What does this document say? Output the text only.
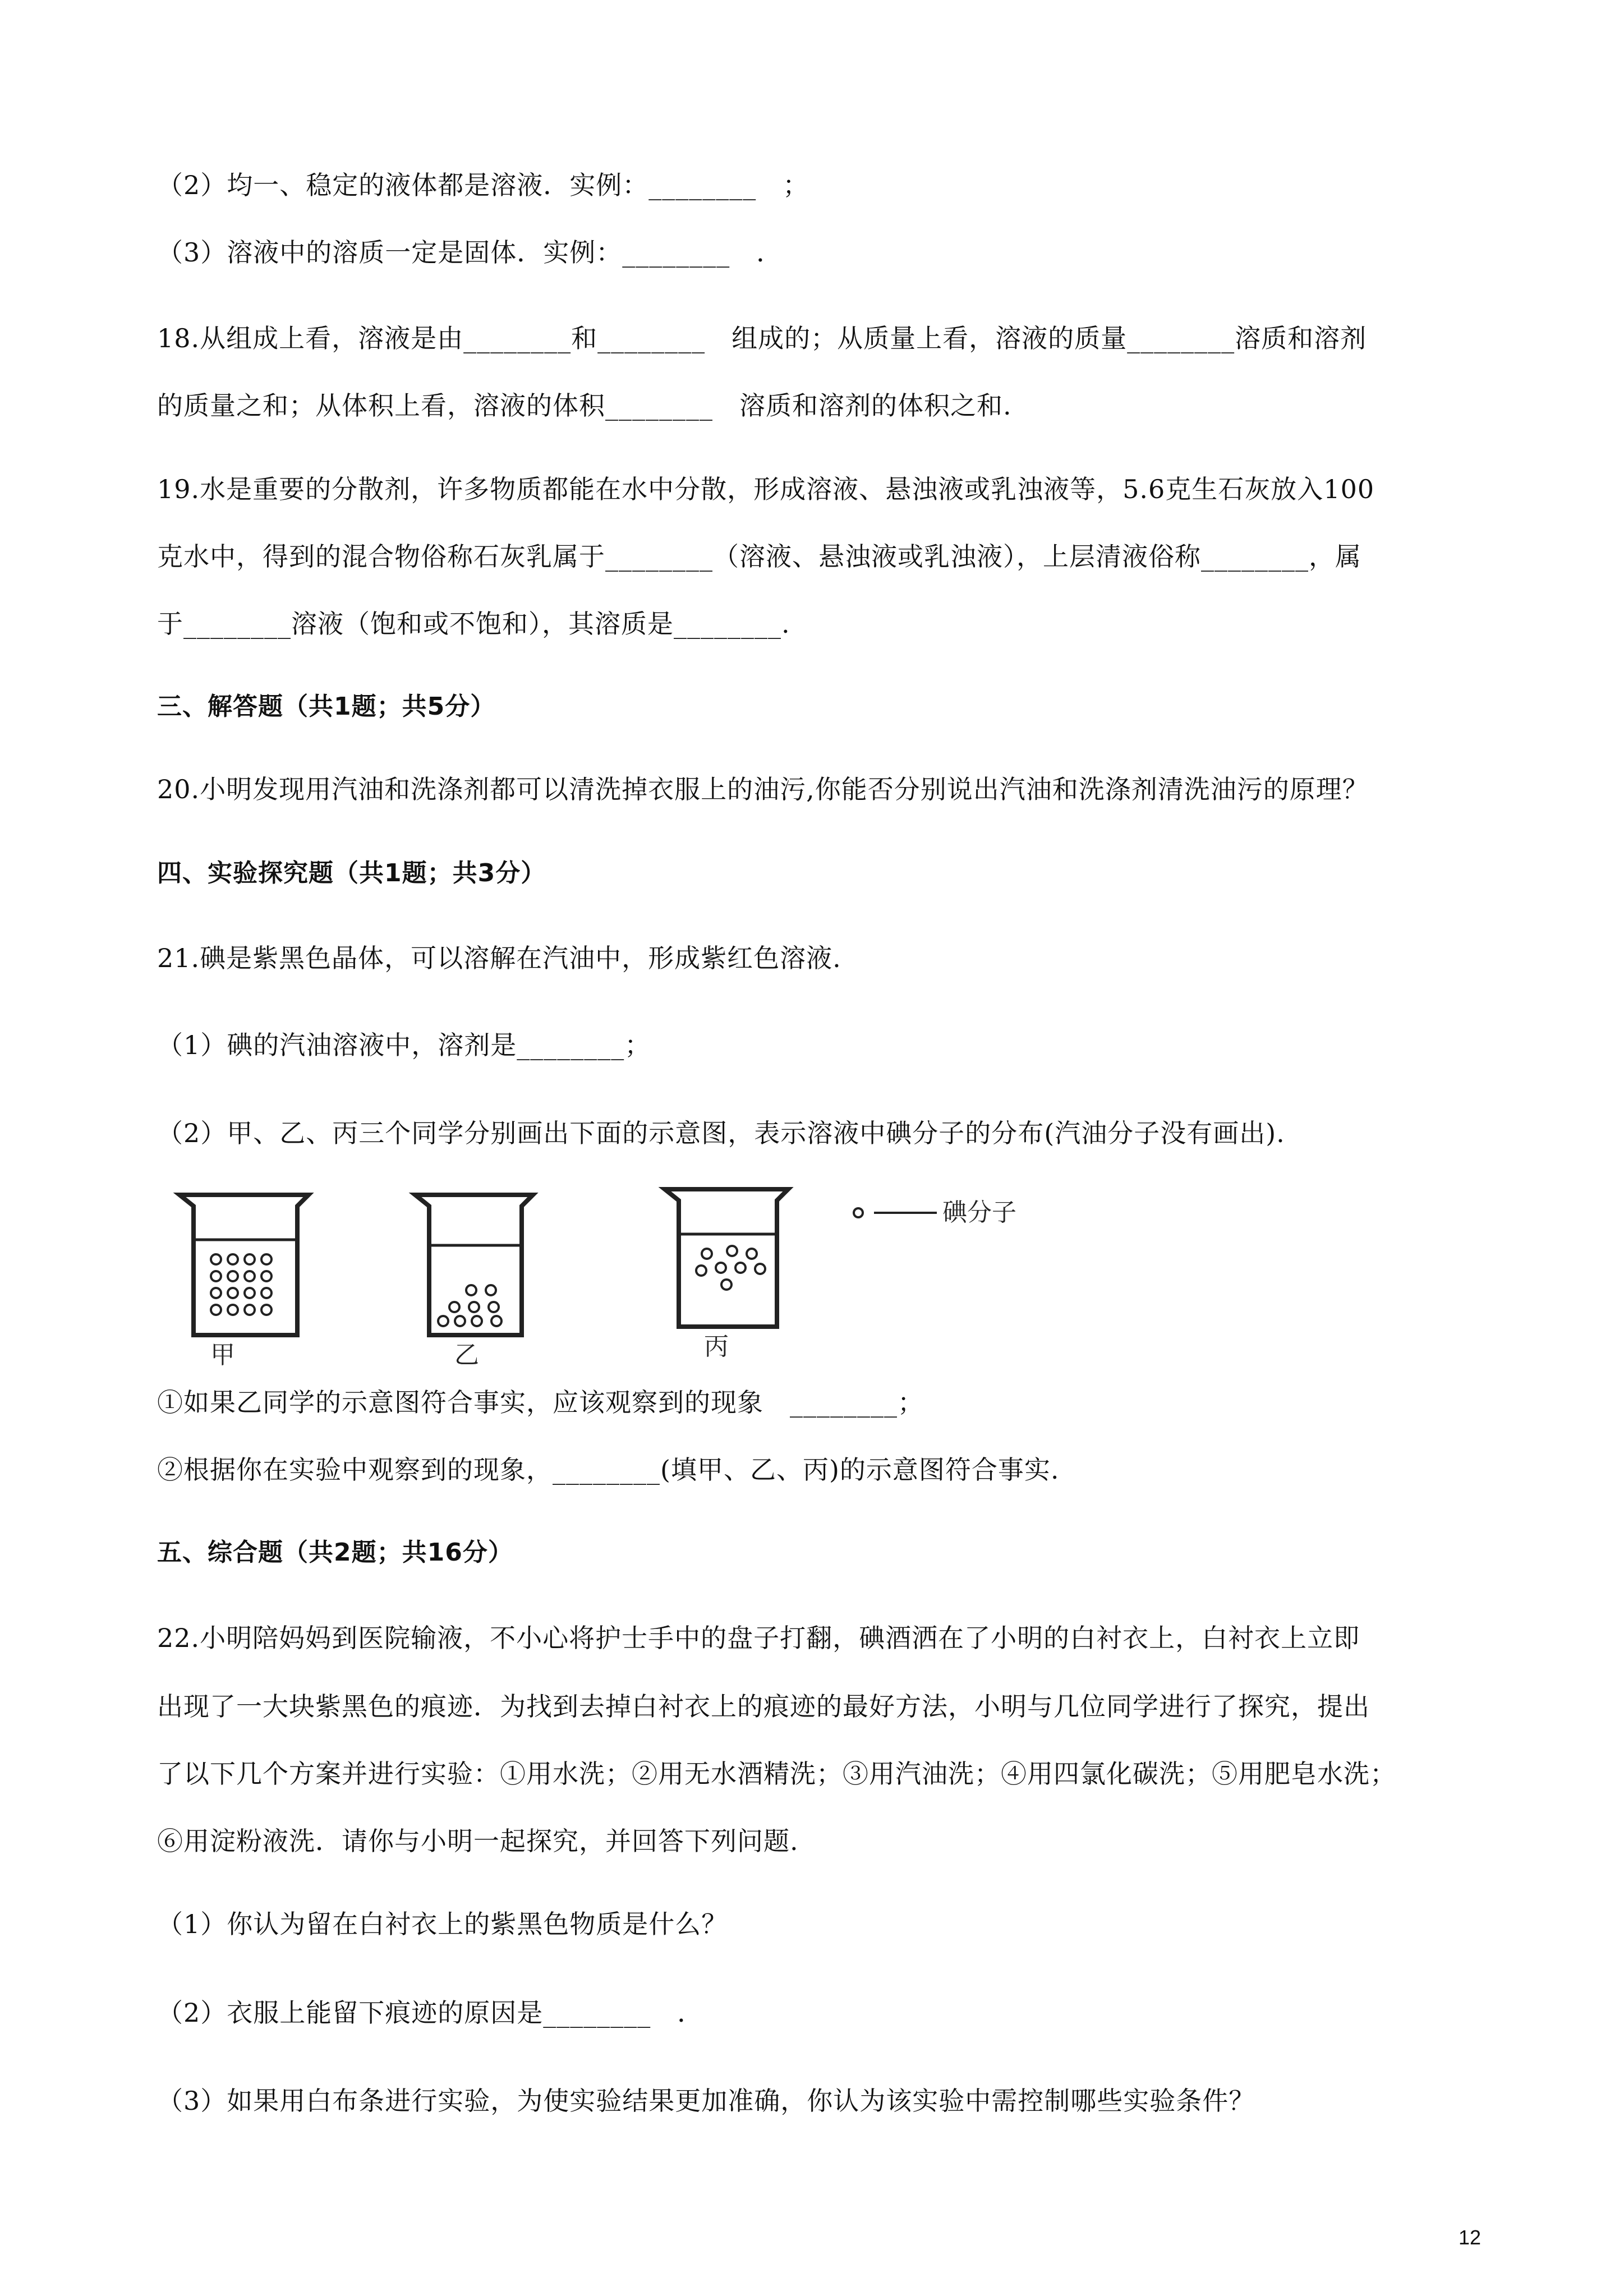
（2）均一、稳定的液体都是溶液．实例：________　；
（3）溶液中的溶质一定是固体．实例：________　．
18.从组成上看，溶液是由________和________　组成的；从质量上看，溶液的质量________溶质和溶剂
的质量之和；从体积上看，溶液的体积________　溶质和溶剂的体积之和.
19.水是重要的分散剂，许多物质都能在水中分散，形成溶液、悬浊液或乳浊液等，5.6克生石灰放入100
克水中，得到的混合物俗称石灰乳属于________（溶液、悬浊液或乳浊液），上层清液俗称________，属
于________溶液（饱和或不饱和），其溶质是________.
三、解答题（共1题；共5分）
20.小明发现用汽油和洗涤剂都可以清洗掉衣服上的油污,你能否分别说出汽油和洗涤剂清洗油污的原理？
四、实验探究题（共1题；共3分）
21.碘是紫黑色晶体，可以溶解在汽油中，形成紫红色溶液.
（1）碘的汽油溶液中，溶剂是________；
（2）甲、乙、丙三个同学分别画出下面的示意图，表示溶液中碘分子的分布(汽油分子没有画出).
甲	乙	丙
碘分子
①如果乙同学的示意图符合事实，应该观察到的现象　________；
②根据你在实验中观察到的现象，________(填甲、乙、丙)的示意图符合事实.
五、综合题（共2题；共16分）
22.小明陪妈妈到医院输液，不小心将护士手中的盘子打翻，碘酒洒在了小明的白衬衣上，白衬衣上立即
出现了一大块紫黑色的痕迹．为找到去掉白衬衣上的痕迹的最好方法，小明与几位同学进行了探究，提出
了以下几个方案并进行实验：①用水洗；②用无水酒精洗；③用汽油洗；④用四氯化碳洗；⑤用肥皂水洗；
⑥用淀粉液洗．请你与小明一起探究，并回答下列问题.
（1）你认为留在白衬衣上的紫黑色物质是什么？
（2）衣服上能留下痕迹的原因是________　．
（3）如果用白布条进行实验，为使实验结果更加准确，你认为该实验中需控制哪些实验条件？
12
